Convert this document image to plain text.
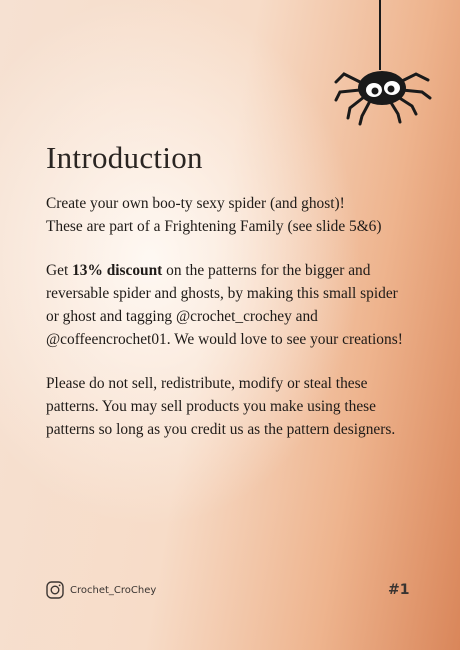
Introduction

Create your own boo-ty sexy spider (and ghost)!
These are part of a Frightening Family (see slide 5&6)

Get 13% discount on the patterns for the bigger and
reversable spider and ghosts, by making this small spider
or ghost and tagging @crochet_crochey and
@coffeencrochet01. We would love to see your creations!

Please do not sell, redistribute, modify or steal these
patterns. You may sell products you make using these
patterns so long as you credit us as the pattern designers.

Crochet_CroChey	#1
